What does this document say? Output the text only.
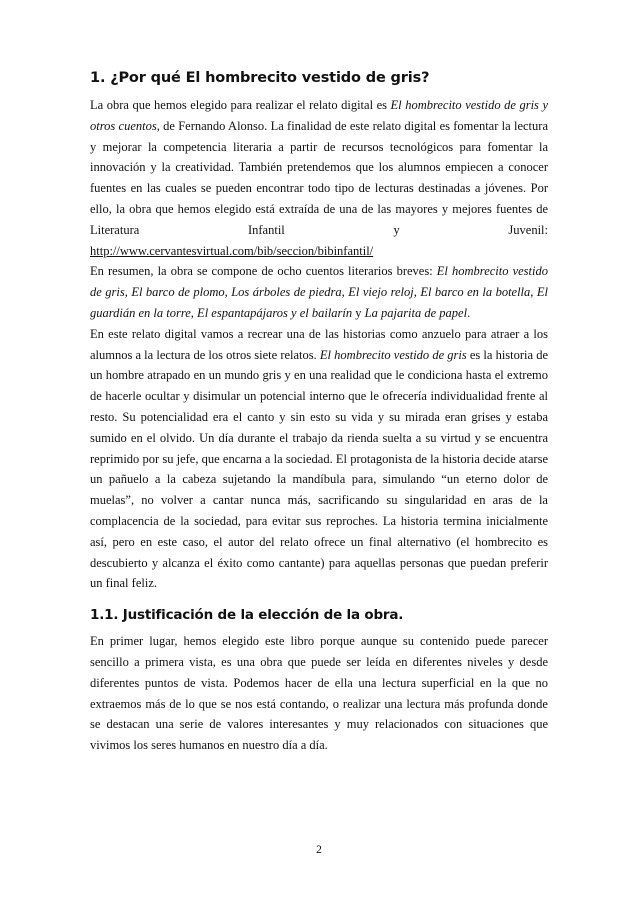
1. ¿Por qué El hombrecito vestido de gris?

La obra que hemos elegido para realizar el relato digital es El hombrecito vestido de gris y otros cuentos, de Fernando Alonso. La finalidad de este relato digital es fomentar la lectura y mejorar la competencia literaria a partir de recursos tecnológicos para fomentar la innovación y la creatividad. También pretendemos que los alumnos empiecen a conocer fuentes en las cuales se pueden encontrar todo tipo de lecturas destinadas a jóvenes. Por ello, la obra que hemos elegido está extraída de una de las mayores y mejores fuentes de Literatura Infantil y Juvenil:

http://www.cervantesvirtual.com/bib/seccion/bibinfantil/

En resumen, la obra se compone de ocho cuentos literarios breves: El hombrecito vestido de gris, El barco de plomo, Los árboles de piedra, El viejo reloj, El barco en la botella, El guardián en la torre, El espantapájaros y el bailarín y La pajarita de papel.

En este relato digital vamos a recrear una de las historias como anzuelo para atraer a los alumnos a la lectura de los otros siete relatos. El hombrecito vestido de gris es la historia de un hombre atrapado en un mundo gris y en una realidad que le condiciona hasta el extremo de hacerle ocultar y disimular un potencial interno que le ofrecería individualidad frente al resto. Su potencialidad era el canto y sin esto su vida y su mirada eran grises y estaba sumido en el olvido. Un día durante el trabajo da rienda suelta a su virtud y se encuentra reprimido por su jefe, que encarna a la sociedad. El protagonista de la historia decide atarse un pañuelo a la cabeza sujetando la mandíbula para, simulando “un eterno dolor de muelas”, no volver a cantar nunca más, sacrificando su singularidad en aras de la complacencia de la sociedad, para evitar sus reproches. La historia termina inicialmente así, pero en este caso, el autor del relato ofrece un final alternativo (el hombrecito es descubierto y alcanza el éxito como cantante) para aquellas personas que puedan preferir un final feliz.

1.1. Justificación de la elección de la obra.

En primer lugar, hemos elegido este libro porque aunque su contenido puede parecer sencillo a primera vista, es una obra que puede ser leída en diferentes niveles y desde diferentes puntos de vista. Podemos hacer de ella una lectura superficial en la que no extraemos más de lo que se nos está contando, o realizar una lectura más profunda donde se destacan una serie de valores interesantes y muy relacionados con situaciones que vivimos los seres humanos en nuestro día a día.

2
